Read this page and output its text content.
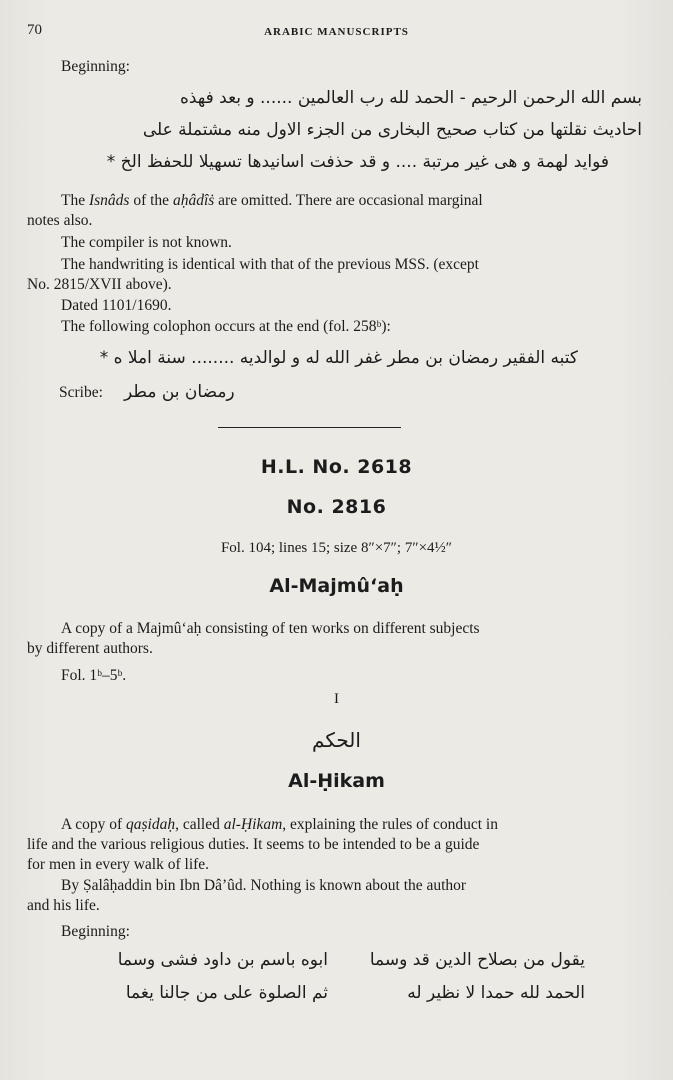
70	ARABIC MANUSCRIPTS
Beginning:
بسم الله الرحمن الرحيم - الحمد لله رب العالمين ...... و بعد فهذه
احاديث نقلتها من كتاب صحيح البخارى من الجزء الاول منه مشتملة على
فوايد لهمة و هى غير مرتبة .... و قد حذفت اسانيدها تسهيلا للحفظ الخ *
The Isnâds of the aḥâdîṡ are omitted. There are occasional marginal
notes also.
The compiler is not known.
The handwriting is identical with that of the previous MSS. (except
No. 2815/XVII above).
Dated 1101/1690.
The following colophon occurs at the end (fol. 258ᵇ):
كتبه الفقير رمضان بن مطر غفر الله له و لوالديه ........ سنة املا ه *
Scribe: رمضان بن مطر
H.L. No. 2618
No. 2816
Fol. 104; lines 15; size 8″×7″; 7″×4½″
Al-Majmû‘aḥ
A copy of a Majmû‘aḥ consisting of ten works on different subjects
by different authors.
Fol. 1ᵇ–5ᵇ.
I
الحكم
Al-Ḥikam
A copy of qaṣidaḥ, called al-Ḥikam, explaining the rules of conduct in
life and the various religious duties. It seems to be intended to be a guide
for men in every walk of life.
By Ṣalâḥaddin bin Ibn Dâ’ûd. Nothing is known about the author
and his life.
Beginning:
يقول من بصلاح الدين قد وسما
ابوه باسم بن داود فشى وسما
الحمد لله حمدا لا نظير له
ثم الصلوة على من جالنا يغما
